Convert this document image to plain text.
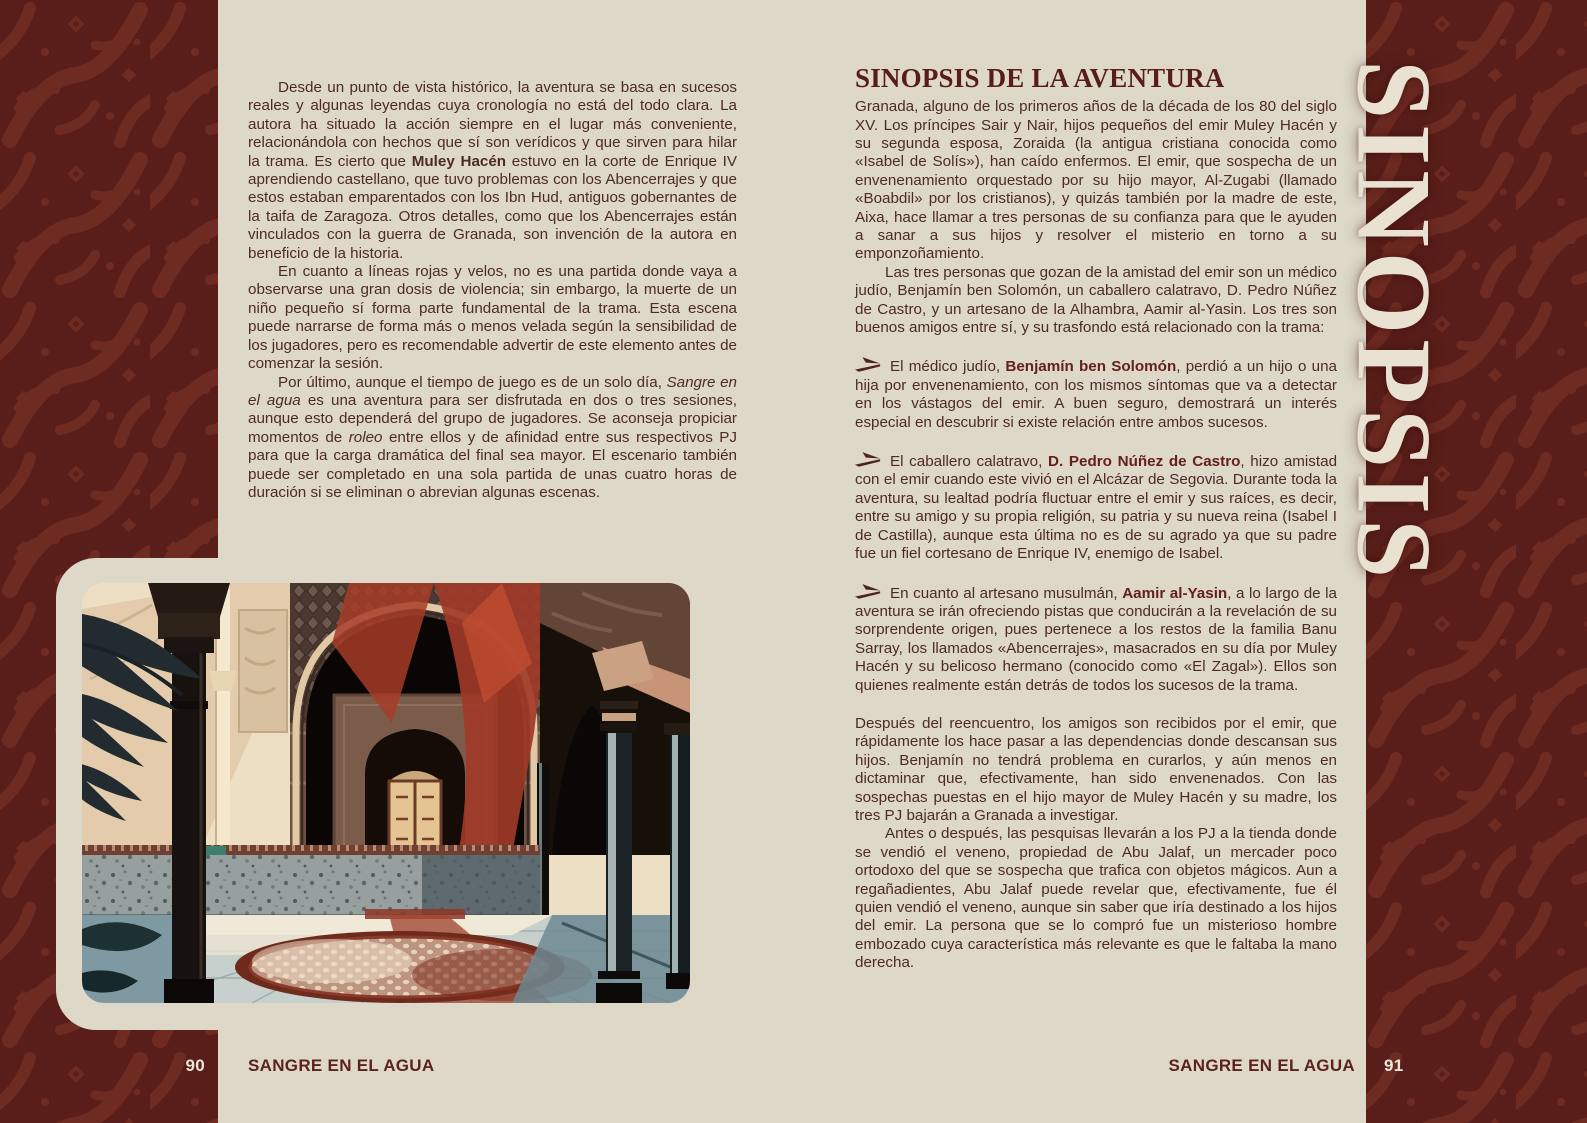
SINOPSIS

Desde un punto de vista histórico, la aventura se basa en sucesos reales y algunas leyendas cuya cronología no está del todo clara. La autora ha situado la acción siempre en el lugar más conveniente, relacionándola con hechos que sí son verídicos y que sirven para hilar la trama. Es cierto que Muley Hacén estuvo en la corte de Enrique IV aprendiendo castellano, que tuvo problemas con los Abencerrajes y que estos estaban emparentados con los Ibn Hud, antiguos gobernantes de la taifa de Zaragoza. Otros detalles, como que los Abencerrajes están vinculados con la guerra de Granada, son invención de la autora en beneficio de la historia.

En cuanto a líneas rojas y velos, no es una partida donde vaya a observarse una gran dosis de violencia; sin embargo, la muerte de un niño pequeño sí forma parte fundamental de la trama. Esta escena puede narrarse de forma más o menos velada según la sensibilidad de los jugadores, pero es recomendable advertir de este elemento antes de comenzar la sesión.

Por último, aunque el tiempo de juego es de un solo día, Sangre en el agua es una aventura para ser disfrutada en dos o tres sesiones, aunque esto dependerá del grupo de jugadores. Se aconseja propiciar momentos de roleo entre ellos y de afinidad entre sus respectivos PJ para que la carga dramática del final sea mayor. El escenario también puede ser completado en una sola partida de unas cuatro horas de duración si se eliminan o abrevian algunas escenas.

SINOPSIS DE LA AVENTURA

Granada, alguno de los primeros años de la década de los 80 del siglo XV. Los príncipes Sair y Nair, hijos pequeños del emir Muley Hacén y su segunda esposa, Zoraida (la antigua cristiana conocida como «Isabel de Solís»), han caído enfermos. El emir, que sospecha de un envenenamiento orquestado por su hijo mayor, Al-Zugabi (llamado «Boabdil» por los cristianos), y quizás también por la madre de este, Aixa, hace llamar a tres personas de su confianza para que le ayuden a sanar a sus hijos y resolver el misterio en torno a su emponzoñamiento.

Las tres personas que gozan de la amistad del emir son un médico judío, Benjamín ben Solomón, un caballero calatravo, D. Pedro Núñez de Castro, y un artesano de la Alhambra, Aamir al-Yasin. Los tres son buenos amigos entre sí, y su trasfondo está relacionado con la trama:

El médico judío, Benjamín ben Solomón, perdió a un hijo o una hija por envenenamiento, con los mismos síntomas que va a detectar en los vástagos del emir. A buen seguro, demostrará un interés especial en descubrir si existe relación entre ambos sucesos.

El caballero calatravo, D. Pedro Núñez de Castro, hizo amistad con el emir cuando este vivió en el Alcázar de Segovia. Durante toda la aventura, su lealtad podría fluctuar entre el emir y sus raíces, es decir, entre su amigo y su propia religión, su patria y su nueva reina (Isabel I de Castilla), aunque esta última no es de su agrado ya que su padre fue un fiel cortesano de Enrique IV, enemigo de Isabel.

En cuanto al artesano musulmán, Aamir al-Yasin, a lo largo de la aventura se irán ofreciendo pistas que conducirán a la revelación de su sorprendente origen, pues pertenece a los restos de la familia Banu Sarray, los llamados «Abencerrajes», masacrados en su día por Muley Hacén y su belicoso hermano (conocido como «El Zagal»). Ellos son quienes realmente están detrás de todos los sucesos de la trama.

Después del reencuentro, los amigos son recibidos por el emir, que rápidamente los hace pasar a las dependencias donde descansan sus hijos. Benjamín no tendrá problema en curarlos, y aún menos en dictaminar que, efectivamente, han sido envenenados. Con las sospechas puestas en el hijo mayor de Muley Hacén y su madre, los tres PJ bajarán a Granada a investigar.

Antes o después, las pesquisas llevarán a los PJ a la tienda donde se vendió el veneno, propiedad de Abu Jalaf, un mercader poco ortodoxo del que se sospecha que trafica con objetos mágicos. Aun a regañadientes, Abu Jalaf puede revelar que, efectivamente, fue él quien vendió el veneno, aunque sin saber que iría destinado a los hijos del emir. La persona que se lo compró fue un misterioso hombre embozado cuya característica más relevante es que le faltaba la mano derecha.

90	SANGRE EN EL AGUA	SANGRE EN EL AGUA 91
